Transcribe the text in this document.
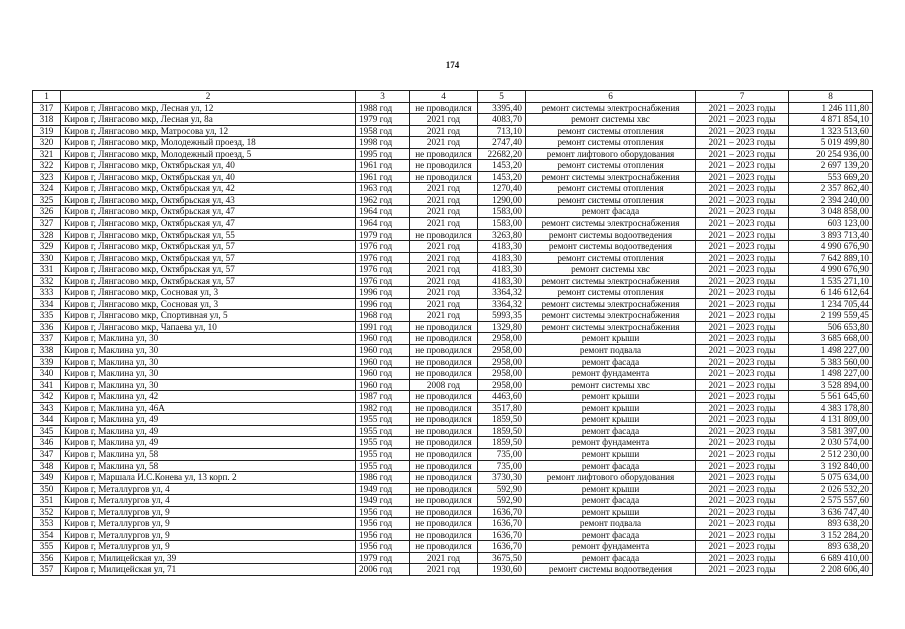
174
1	2	3	4	5	6	7	8
317	Киров г, Лянгасово мкр, Лесная ул, 12	1988 год	не проводился	3395,40	ремонт системы электроснабжения	2021 – 2023 годы	1 246 111,80
318	Киров г, Лянгасово мкр, Лесная ул, 8а	1979 год	2021 год	4083,70	ремонт системы хвс	2021 – 2023 годы	4 871 854,10
319	Киров г, Лянгасово мкр, Матросова ул, 12	1958 год	2021 год	713,10	ремонт системы отопления	2021 – 2023 годы	1 323 513,60
320	Киров г, Лянгасово мкр, Молодежный проезд, 18	1998 год	2021 год	2747,40	ремонт системы отопления	2021 – 2023 годы	5 019 499,80
321	Киров г, Лянгасово мкр, Молодежный проезд, 5	1995 год	не проводился	22682,20	ремонт лифтового оборудования	2021 – 2023 годы	20 254 936,00
322	Киров г, Лянгасово мкр, Октябрьская ул, 40	1961 год	не проводился	1453,20	ремонт системы отопления	2021 – 2023 годы	2 697 139,20
323	Киров г, Лянгасово мкр, Октябрьская ул, 40	1961 год	не проводился	1453,20	ремонт системы электроснабжения	2021 – 2023 годы	553 669,20
324	Киров г, Лянгасово мкр, Октябрьская ул, 42	1963 год	2021 год	1270,40	ремонт системы отопления	2021 – 2023 годы	2 357 862,40
325	Киров г, Лянгасово мкр, Октябрьская ул, 43	1962 год	2021 год	1290,00	ремонт системы отопления	2021 – 2023 годы	2 394 240,00
326	Киров г, Лянгасово мкр, Октябрьская ул, 47	1964 год	2021 год	1583,00	ремонт фасада	2021 – 2023 годы	3 048 858,00
327	Киров г, Лянгасово мкр, Октябрьская ул, 47	1964 год	2021 год	1583,00	ремонт системы электроснабжения	2021 – 2023 годы	603 123,00
328	Киров г, Лянгасово мкр, Октябрьская ул, 55	1979 год	не проводился	3263,80	ремонт системы водоотведения	2021 – 2023 годы	3 893 713,40
329	Киров г, Лянгасово мкр, Октябрьская ул, 57	1976 год	2021 год	4183,30	ремонт системы водоотведения	2021 – 2023 годы	4 990 676,90
330	Киров г, Лянгасово мкр, Октябрьская ул, 57	1976 год	2021 год	4183,30	ремонт системы отопления	2021 – 2023 годы	7 642 889,10
331	Киров г, Лянгасово мкр, Октябрьская ул, 57	1976 год	2021 год	4183,30	ремонт системы хвс	2021 – 2023 годы	4 990 676,90
332	Киров г, Лянгасово мкр, Октябрьская ул, 57	1976 год	2021 год	4183,30	ремонт системы электроснабжения	2021 – 2023 годы	1 535 271,10
333	Киров г, Лянгасово мкр, Сосновая ул, 3	1996 год	2021 год	3364,32	ремонт системы отопления	2021 – 2023 годы	6 146 612,64
334	Киров г, Лянгасово мкр, Сосновая ул, 3	1996 год	2021 год	3364,32	ремонт системы электроснабжения	2021 – 2023 годы	1 234 705,44
335	Киров г, Лянгасово мкр, Спортивная ул, 5	1968 год	2021 год	5993,35	ремонт системы электроснабжения	2021 – 2023 годы	2 199 559,45
336	Киров г, Лянгасово мкр, Чапаева ул, 10	1991 год	не проводился	1329,80	ремонт системы электроснабжения	2021 – 2023 годы	506 653,80
337	Киров г, Маклина ул, 30	1960 год	не проводился	2958,00	ремонт крыши	2021 – 2023 годы	3 685 668,00
338	Киров г, Маклина ул, 30	1960 год	не проводился	2958,00	ремонт подвала	2021 – 2023 годы	1 498 227,00
339	Киров г, Маклина ул, 30	1960 год	не проводился	2958,00	ремонт фасада	2021 – 2023 годы	5 383 560,00
340	Киров г, Маклина ул, 30	1960 год	не проводился	2958,00	ремонт фундамента	2021 – 2023 годы	1 498 227,00
341	Киров г, Маклина ул, 30	1960 год	2008 год	2958,00	ремонт системы хвс	2021 – 2023 годы	3 528 894,00
342	Киров г, Маклина ул, 42	1987 год	не проводился	4463,60	ремонт крыши	2021 – 2023 годы	5 561 645,60
343	Киров г, Маклина ул, 46А	1982 год	не проводился	3517,80	ремонт крыши	2021 – 2023 годы	4 383 178,80
344	Киров г, Маклина ул, 49	1955 год	не проводился	1859,50	ремонт крыши	2021 – 2023 годы	4 131 809,00
345	Киров г, Маклина ул, 49	1955 год	не проводился	1859,50	ремонт фасада	2021 – 2023 годы	3 581 397,00
346	Киров г, Маклина ул, 49	1955 год	не проводился	1859,50	ремонт фундамента	2021 – 2023 годы	2 030 574,00
347	Киров г, Маклина ул, 58	1955 год	не проводился	735,00	ремонт крыши	2021 – 2023 годы	2 512 230,00
348	Киров г, Маклина ул, 58	1955 год	не проводился	735,00	ремонт фасада	2021 – 2023 годы	3 192 840,00
349	Киров г, Маршала И.С.Конева ул, 13 корп. 2	1986 год	не проводился	3730,30	ремонт лифтового оборудования	2021 – 2023 годы	5 075 634,00
350	Киров г, Металлургов ул, 4	1949 год	не проводился	592,90	ремонт крыши	2021 – 2023 годы	2 026 532,20
351	Киров г, Металлургов ул, 4	1949 год	не проводился	592,90	ремонт фасада	2021 – 2023 годы	2 575 557,60
352	Киров г, Металлургов ул, 9	1956 год	не проводился	1636,70	ремонт крыши	2021 – 2023 годы	3 636 747,40
353	Киров г, Металлургов ул, 9	1956 год	не проводился	1636,70	ремонт подвала	2021 – 2023 годы	893 638,20
354	Киров г, Металлургов ул, 9	1956 год	не проводился	1636,70	ремонт фасада	2021 – 2023 годы	3 152 284,20
355	Киров г, Металлургов ул, 9	1956 год	не проводился	1636,70	ремонт фундамента	2021 – 2023 годы	893 638,20
356	Киров г, Милицейская ул, 39	1979 год	2021 год	3675,50	ремонт фасада	2021 – 2023 годы	6 689 410,00
357	Киров г, Милицейская ул, 71	2006 год	2021 год	1930,60	ремонт системы водоотведения	2021 – 2023 годы	2 208 606,40
